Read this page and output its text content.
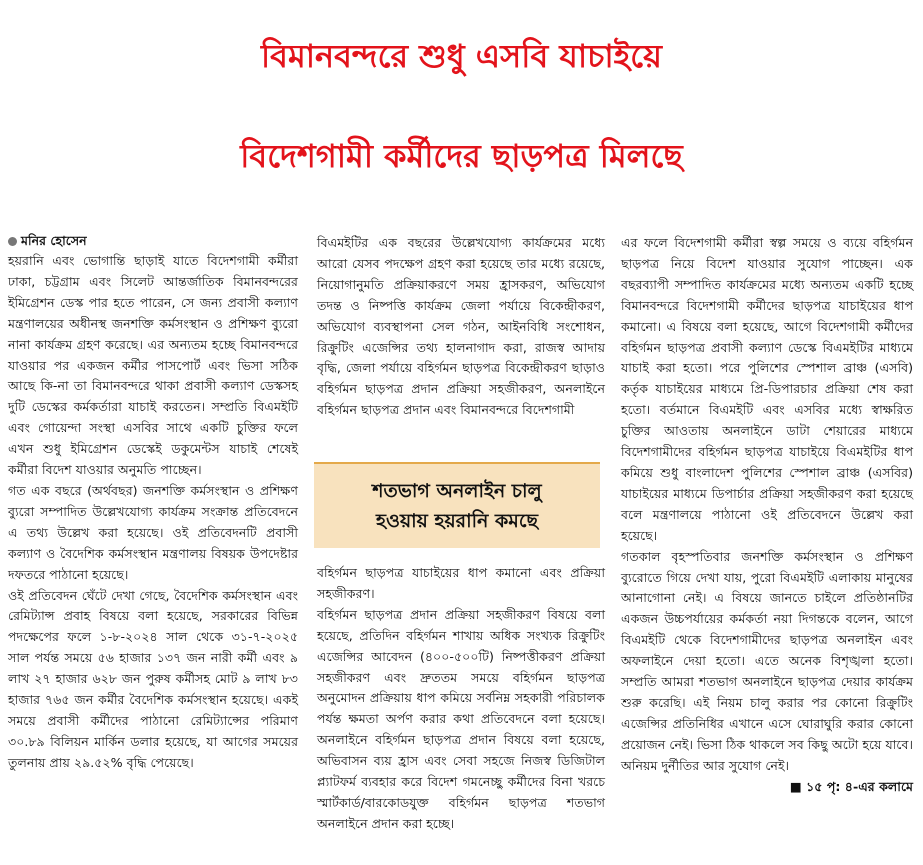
বিমানবন্দরে শুধু এসবি যাচাইয়ে
বিদেশগামী কর্মীদের ছাড়পত্র মিলছে
মনির হোসেন

হয়রানি এবং ভোগান্তি ছাড়াই যাতে বিদেশগামী কর্মীরা ঢাকা, চট্টগ্রাম এবং সিলেট আন্তর্জাতিক বিমানবন্দরের ইমিগ্রেশন ডেস্ক পার হতে পারেন, সে জন্য প্রবাসী কল্যাণ মন্ত্রণালয়ের অধীনস্থ জনশক্তি কর্মসংস্থান ও প্রশিক্ষণ ব্যুরো নানা কার্যক্রম গ্রহণ করেছে। এর অন্যতম হচ্ছে বিমানবন্দরে যাওয়ার পর একজন কর্মীর পাসপোর্ট এবং ভিসা সঠিক আছে কি-না তা বিমানবন্দরে থাকা প্রবাসী কল্যাণ ডেস্কসহ দুটি ডেস্কের কর্মকর্তারা যাচাই করতেন। সম্প্রতি বিএমইটি এবং গোয়েন্দা সংস্থা এসবির সাথে একটি চুক্তির ফলে এখন শুধু ইমিগ্রেশন ডেস্কেই ডকুমেন্টস যাচাই শেষেই কর্মীরা বিদেশ যাওয়ার অনুমতি পাচ্ছেন।

গত এক বছরে (অর্থবছর) জনশক্তি কর্মসংস্থান ও প্রশিক্ষণ ব্যুরো সম্পাদিত উল্লেখযোগ্য কার্যক্রম সংক্রান্ত প্রতিবেদনে এ তথ্য উল্লেখ করা হয়েছে। ওই প্রতিবেদনটি প্রবাসী কল্যাণ ও বৈদেশিক কর্মসংস্থান মন্ত্রণালয় বিষয়ক উপদেষ্টার দফতরে পাঠানো হয়েছে।

ওই প্রতিবেদন ঘেঁটে দেখা গেছে, বৈদেশিক কর্মসংস্থান এবং রেমিট্যান্স প্রবাহ বিষয়ে বলা হয়েছে, সরকারের বিভিন্ন পদক্ষেপের ফলে ১-৮-২০২৪ সাল থেকে ৩১-৭-২০২৫ সাল পর্যন্ত সময়ে ৫৬ হাজার ১৩৭ জন নারী কর্মী এবং ৯ লাখ ২৭ হাজার ৬২৮ জন পুরুষ কর্মীসহ মোট ৯ লাখ ৮৩ হাজার ৭৬৫ জন কর্মীর বৈদেশিক কর্মসংস্থান হয়েছে। একই সময়ে প্রবাসী কর্মীদের পাঠানো রেমিট্যান্সের পরিমাণ ৩০.৮৯ বিলিয়ন মার্কিন ডলার হয়েছে, যা আগের সময়ের তুলনায় প্রায় ২৯.৫২% বৃদ্ধি পেয়েছে।

বিএমইটির এক বছরের উল্লেখযোগ্য কার্যক্রমের মধ্যে আরো যেসব পদক্ষেপ গ্রহণ করা হয়েছে তার মধ্যে রয়েছে, নিয়োগানুমতি প্রক্রিয়াকরণে সময় হ্রাসকরণ, অভিযোগ তদন্ত ও নিষ্পত্তি কার্যক্রম জেলা পর্যায়ে বিকেন্দ্রীকরণ, অভিযোগ ব্যবস্থাপনা সেল গঠন, আইনবিধি সংশোধন, রিক্রুটিং এজেন্সির তথ্য হালনাগাদ করা, রাজস্ব আদায় বৃদ্ধি, জেলা পর্যায়ে বহির্গমন ছাড়পত্র বিকেন্দ্রীকরণ ছাড়াও বহির্গমন ছাড়পত্র প্রদান প্রক্রিয়া সহজীকরণ, অনলাইনে বহির্গমন ছাড়পত্র প্রদান এবং বিমানবন্দরে বিদেশগামী

বহির্গমন ছাড়পত্র যাচাইয়ের ধাপ কমানো এবং প্রক্রিয়া সহজীকরণ।

বহির্গমন ছাড়পত্র প্রদান প্রক্রিয়া সহজীকরণ বিষয়ে বলা হয়েছে, প্রতিদিন বহির্গমন শাখায় অধিক সংখ্যক রিক্রুটিং এজেন্সির আবেদন (৪০০-৫০০টি) নিষ্পত্তীকরণ প্রক্রিয়া সহজীকরণ এবং দ্রুততম সময়ে বহির্গমন ছাড়পত্র অনুমোদন প্রক্রিয়ায় ধাপ কমিয়ে সর্বনিম্ন সহকারী পরিচালক পর্যন্ত ক্ষমতা অর্পণ করার কথা প্রতিবেদনে বলা হয়েছে। অনলাইনে বহির্গমন ছাড়পত্র প্রদান বিষয়ে বলা হয়েছে, অভিবাসন ব্যয় হ্রাস এবং সেবা সহজে নিজস্ব ডিজিটাল প্ল্যাটফর্ম ব্যবহার করে বিদেশ গমনেচ্ছু কর্মীদের বিনা খরচে স্মার্টকার্ড/বারকোডযুক্ত বহির্গমন ছাড়পত্র শতভাগ অনলাইনে প্রদান করা হচ্ছে।

শতভাগ অনলাইন চালু
হওয়ায় হয়রানি কমছে

এর ফলে বিদেশগামী কর্মীরা স্বল্প সময়ে ও ব্যয়ে বহির্গমন ছাড়পত্র নিয়ে বিদেশ যাওয়ার সুযোগ পাচ্ছেন। এক বছরব্যাপী সম্পাদিত কার্যক্রমের মধ্যে অন্যতম একটি হচ্ছে বিমানবন্দরে বিদেশগামী কর্মীদের ছাড়পত্র যাচাইয়ের ধাপ কমানো। এ বিষয়ে বলা হয়েছে, আগে বিদেশগামী কর্মীদের বহির্গমন ছাড়পত্র প্রবাসী কল্যাণ ডেস্কে বিএমইটির মাধ্যমে যাচাই করা হতো। পরে পুলিশের স্পেশাল ব্রাঞ্চ (এসবি) কর্তৃক যাচাইয়ের মাধ্যমে প্রি-ডিপারচার প্রক্রিয়া শেষ করা হতো। বর্তমানে বিএমইটি এবং এসবির মধ্যে স্বাক্ষরিত চুক্তির আওতায় অনলাইনে ডাটা শেয়ারের মাধ্যমে বিদেশগামীদের বহির্গমন ছাড়পত্র যাচাইয়ে বিএমইটির ধাপ কমিয়ে শুধু বাংলাদেশ পুলিশের স্পেশাল ব্রাঞ্চ (এসবির) যাচাইয়ের মাধ্যমে ডিপার্চার প্রক্রিয়া সহজীকরণ করা হয়েছে বলে মন্ত্রণালয়ে পাঠানো ওই প্রতিবেদনে উল্লেখ করা হয়েছে।

গতকাল বৃহস্পতিবার জনশক্তি কর্মসংস্থান ও প্রশিক্ষণ ব্যুরোতে গিয়ে দেখা যায়, পুরো বিএমইটি এলাকায় মানুষের আনাগোনা নেই। এ বিষয়ে জানতে চাইলে প্রতিষ্ঠানটির একজন উচ্চপর্যায়ের কর্মকর্তা নয়া দিগন্তকে বলেন, আগে বিএমইটি থেকে বিদেশগামীদের ছাড়পত্র অনলাইন এবং অফলাইনে দেয়া হতো। এতে অনেক বিশৃঙ্খলা হতো। সম্প্রতি আমরা শতভাগ অনলাইনে ছাড়পত্র দেয়ার কার্যক্রম শুরু করেছি। এই নিয়ম চালু করার পর কোনো রিক্রুটিং এজেন্সির প্রতিনিধির এখানে এসে ঘোরাঘুরি করার কোনো প্রয়োজন নেই। ভিসা ঠিক থাকলে সব কিছু অটো হয়ে যাবে। অনিয়ম দুর্নীতির আর সুযোগ নেই।

■ ১৫ পৃ: ৪-এর কলামে
